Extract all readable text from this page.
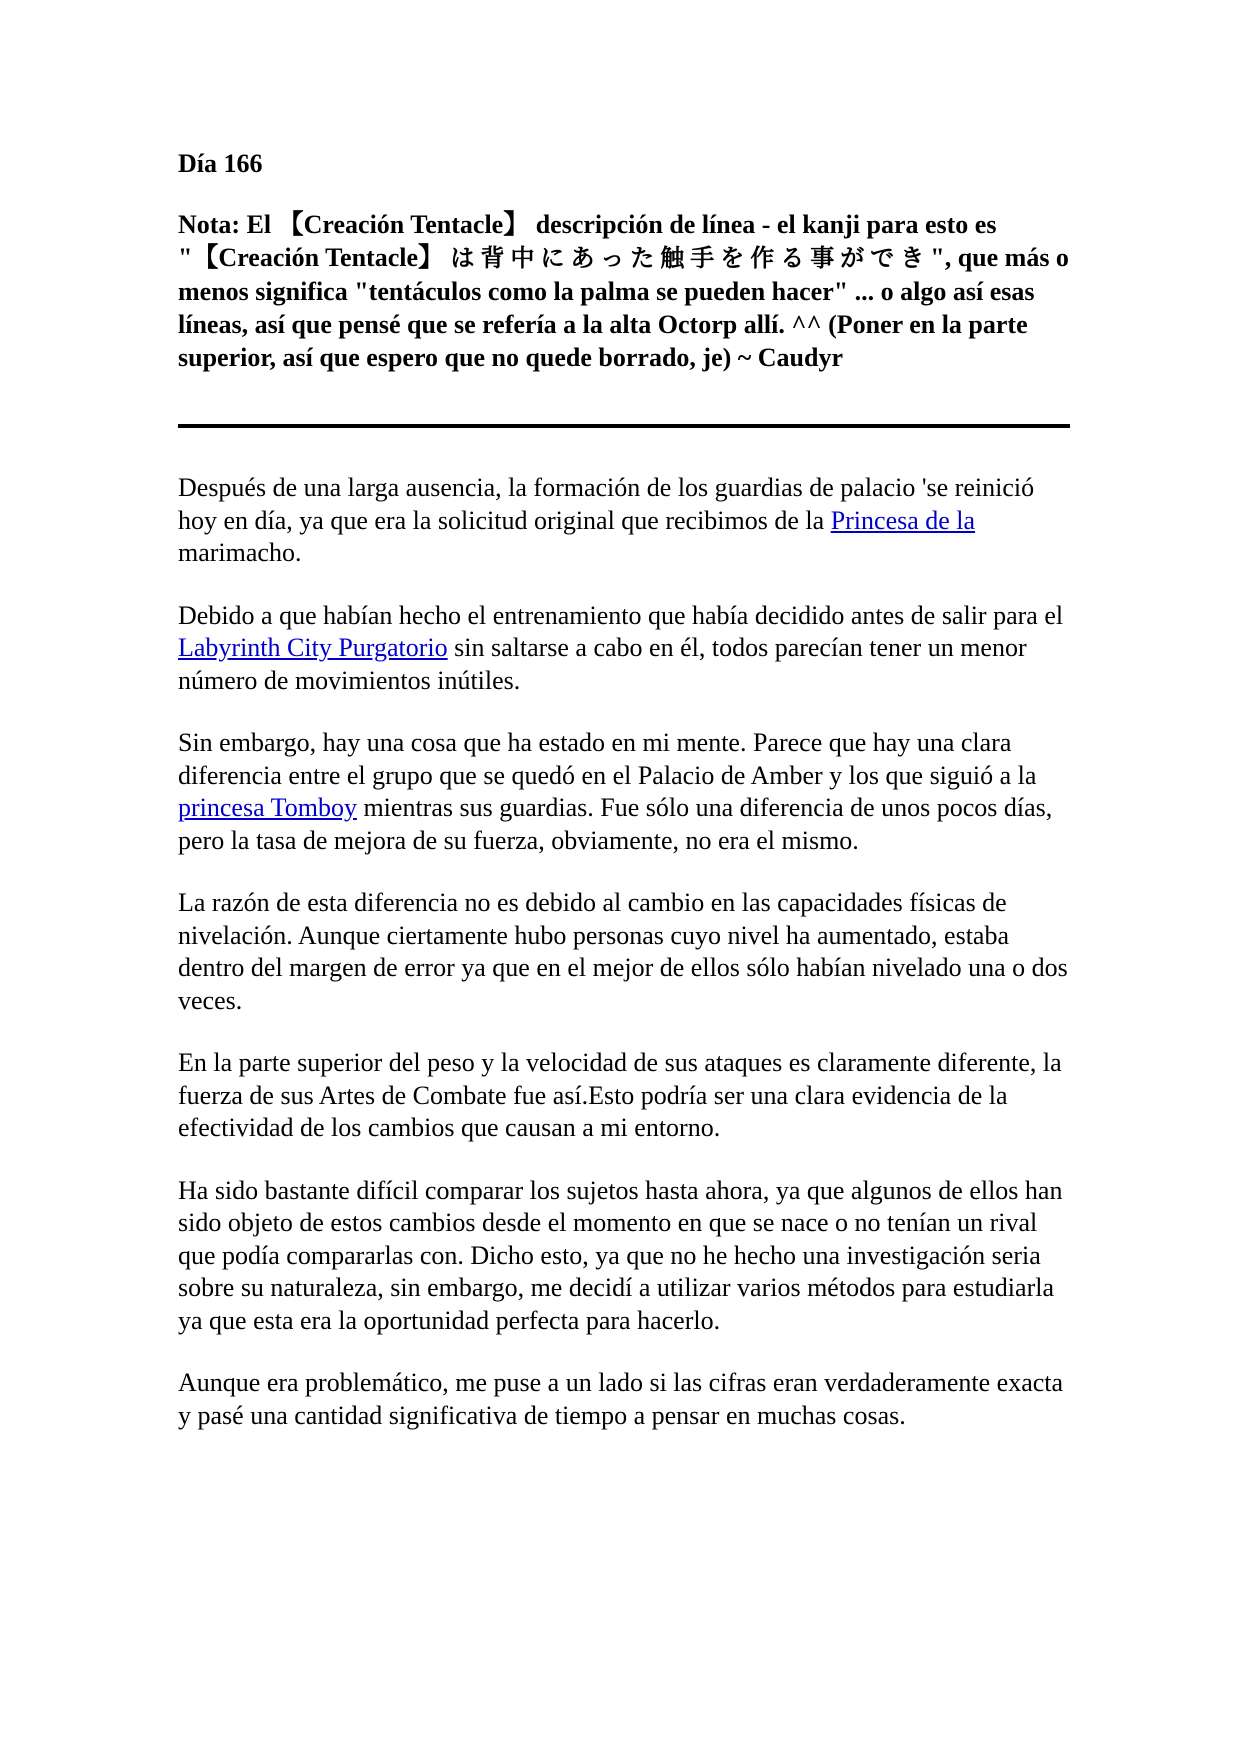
Día 166

Nota: El 【Creación Tentacle】 descripción de línea - el kanji para esto es "【Creación Tentacle】 は背中にあった触手を作る事ができ", que más o menos significa "tentáculos como la palma se pueden hacer" ... o algo así esas líneas, así que pensé que se refería a la alta Octorp allí. ^^ (Poner en la parte superior, así que espero que no quede borrado, je) ~ Caudyr

Después de una larga ausencia, la formación de los guardias de palacio 'se reinició hoy en día, ya que era la solicitud original que recibimos de la Princesa de la marimacho.

Debido a que habían hecho el entrenamiento que había decidido antes de salir para el Labyrinth City Purgatorio sin saltarse a cabo en él, todos parecían tener un menor número de movimientos inútiles.

Sin embargo, hay una cosa que ha estado en mi mente. Parece que hay una clara diferencia entre el grupo que se quedó en el Palacio de Amber y los que siguió a la princesa Tomboy mientras sus guardias. Fue sólo una diferencia de unos pocos días, pero la tasa de mejora de su fuerza, obviamente, no era el mismo.

La razón de esta diferencia no es debido al cambio en las capacidades físicas de nivelación. Aunque ciertamente hubo personas cuyo nivel ha aumentado, estaba dentro del margen de error ya que en el mejor de ellos sólo habían nivelado una o dos veces.

En la parte superior del peso y la velocidad de sus ataques es claramente diferente, la fuerza de sus Artes de Combate fue así.Esto podría ser una clara evidencia de la efectividad de los cambios que causan a mi entorno.

Ha sido bastante difícil comparar los sujetos hasta ahora, ya que algunos de ellos han sido objeto de estos cambios desde el momento en que se nace o no tenían un rival que podía compararlas con. Dicho esto, ya que no he hecho una investigación seria sobre su naturaleza, sin embargo, me decidí a utilizar varios métodos para estudiarla ya que esta era la oportunidad perfecta para hacerlo.

Aunque era problemático, me puse a un lado si las cifras eran verdaderamente exacta y pasé una cantidad significativa de tiempo a pensar en muchas cosas.
